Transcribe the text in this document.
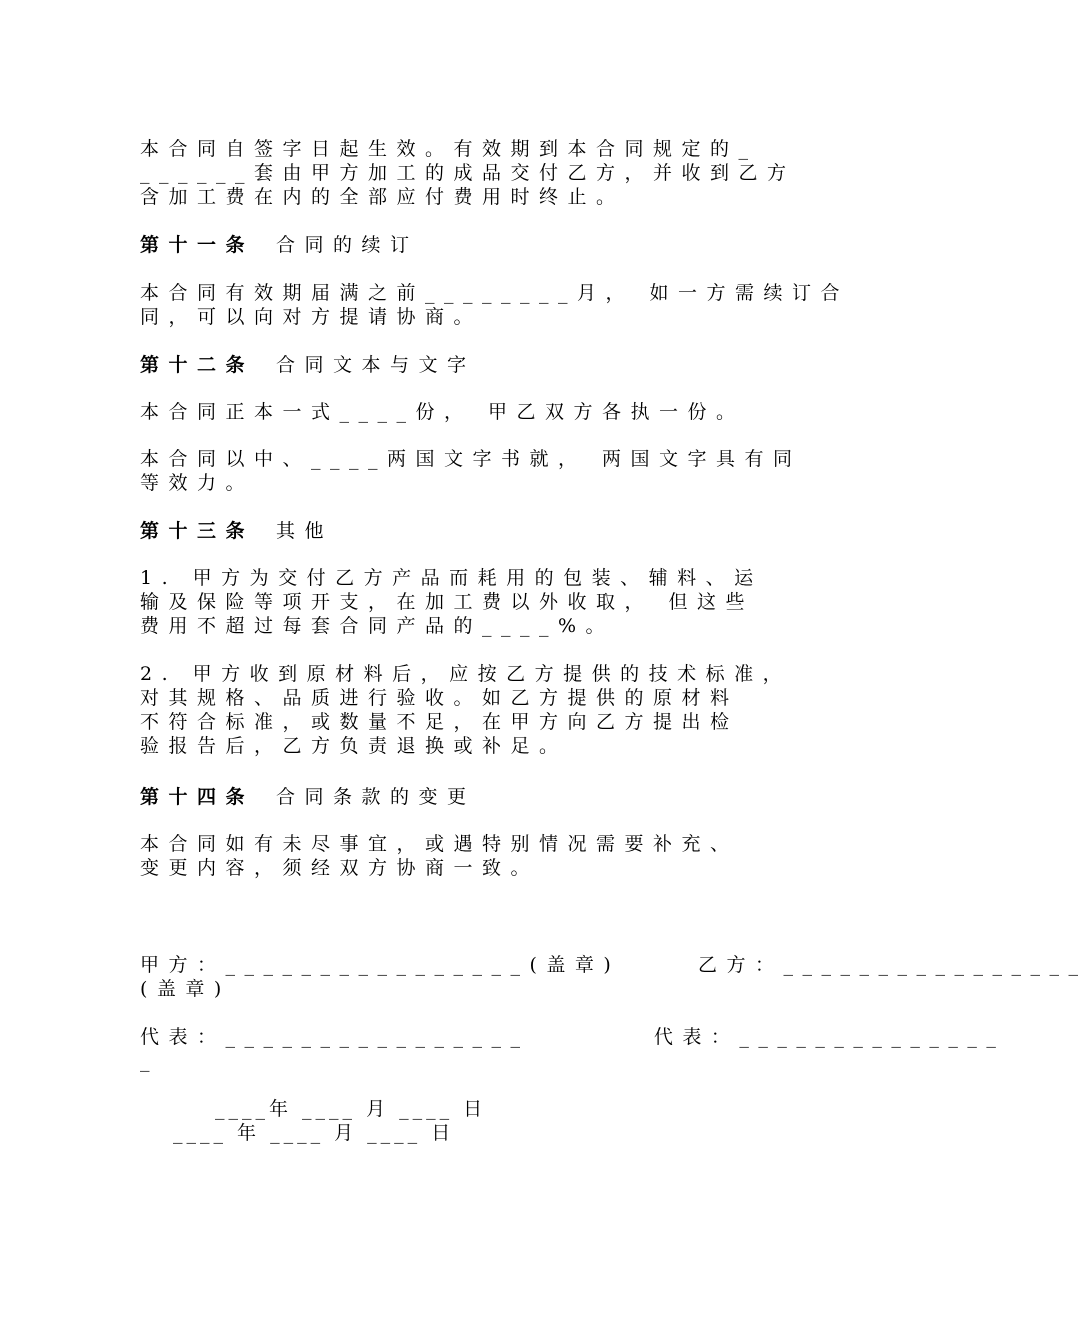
本合同自签字日起生效。有效期到本合同规定的_
______套由甲方加工的成品交付乙方，并收到乙方
含加工费在内的全部应付费用时终止。
第十一条 合同的续订
本合同有效期届满之前________月， 如一方需续订合
同，可以向对方提请协商。
第十二条 合同文本与文字
本合同正本一式____份， 甲乙双方各执一份。
本合同以中、____两国文字书就， 两国文字具有同
等效力。
第十三条 其他
1. 甲方为交付乙方产品而耗用的包装、辅料、运
输及保险等项开支，在加工费以外收取， 但这些
费用不超过每套合同产品的____%。
2. 甲方收到原材料后，应按乙方提供的技术标准，
对其规格、品质进行验收。如乙方提供的原材料
不符合标准，或数量不足，在甲方向乙方提出检
验报告后，乙方负责退换或补足。
第十四条 合同条款的变更
本合同如有未尽事宜，或遇特别情况需要补充、
变更内容，须经双方协商一致。
甲方：________________(盖章)     乙方：________________
(盖章)
代表：________________        代表：______________
_
____年 ____ 月 ____ 日
____ 年 ____ 月 ____ 日
